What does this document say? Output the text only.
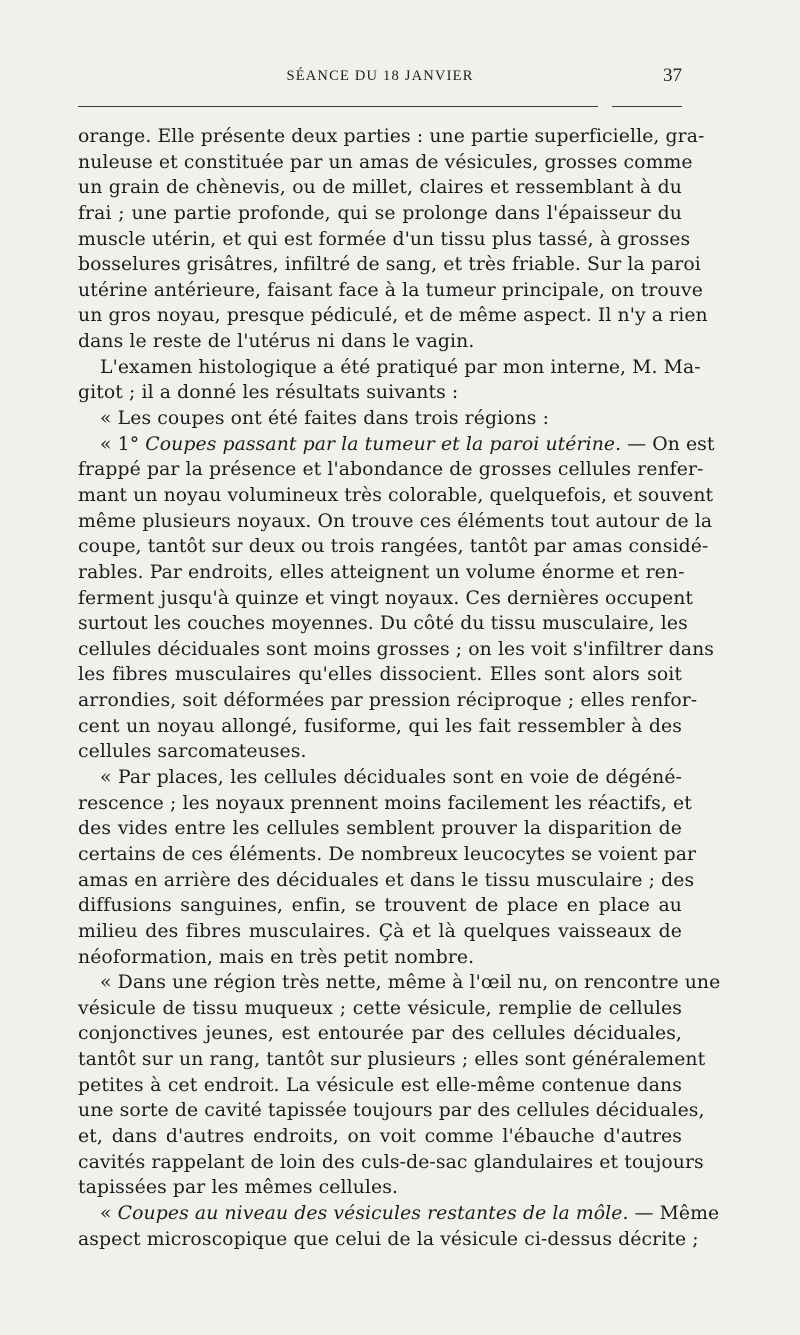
SÉANCE DU 18 JANVIER	37
orange. Elle présente deux parties : une partie superficielle, gra-
nuleuse et constituée par un amas de vésicules, grosses comme
un grain de chènevis, ou de millet, claires et ressemblant à du
frai ; une partie profonde, qui se prolonge dans l'épaisseur du
muscle utérin, et qui est formée d'un tissu plus tassé, à grosses
bosselures grisâtres, infiltré de sang, et très friable. Sur la paroi
utérine antérieure, faisant face à la tumeur principale, on trouve
un gros noyau, presque pédiculé, et de même aspect. Il n'y a rien
dans le reste de l'utérus ni dans le vagin.
L'examen histologique a été pratiqué par mon interne, M. Ma-
gitot ; il a donné les résultats suivants :
« Les coupes ont été faites dans trois régions :
« 1° Coupes passant par la tumeur et la paroi utérine. — On est
frappé par la présence et l'abondance de grosses cellules renfer-
mant un noyau volumineux très colorable, quelquefois, et souvent
même plusieurs noyaux. On trouve ces éléments tout autour de la
coupe, tantôt sur deux ou trois rangées, tantôt par amas considé-
rables. Par endroits, elles atteignent un volume énorme et ren-
ferment jusqu'à quinze et vingt noyaux. Ces dernières occupent
surtout les couches moyennes. Du côté du tissu musculaire, les
cellules déciduales sont moins grosses ; on les voit s'infiltrer dans
les fibres musculaires qu'elles dissocient. Elles sont alors soit
arrondies, soit déformées par pression réciproque ; elles renfor-
cent un noyau allongé, fusiforme, qui les fait ressembler à des
cellules sarcomateuses.
« Par places, les cellules déciduales sont en voie de dégéné-
rescence ; les noyaux prennent moins facilement les réactifs, et
des vides entre les cellules semblent prouver la disparition de
certains de ces éléments. De nombreux leucocytes se voient par
amas en arrière des déciduales et dans le tissu musculaire ; des
diffusions sanguines, enfin, se trouvent de place en place au
milieu des fibres musculaires. Çà et là quelques vaisseaux de
néoformation, mais en très petit nombre.
« Dans une région très nette, même à l'œil nu, on rencontre une
vésicule de tissu muqueux ; cette vésicule, remplie de cellules
conjonctives jeunes, est entourée par des cellules déciduales,
tantôt sur un rang, tantôt sur plusieurs ; elles sont généralement
petites à cet endroit. La vésicule est elle-même contenue dans
une sorte de cavité tapissée toujours par des cellules déciduales,
et, dans d'autres endroits, on voit comme l'ébauche d'autres
cavités rappelant de loin des culs-de-sac glandulaires et toujours
tapissées par les mêmes cellules.
« Coupes au niveau des vésicules restantes de la môle. — Même
aspect microscopique que celui de la vésicule ci-dessus décrite ;
